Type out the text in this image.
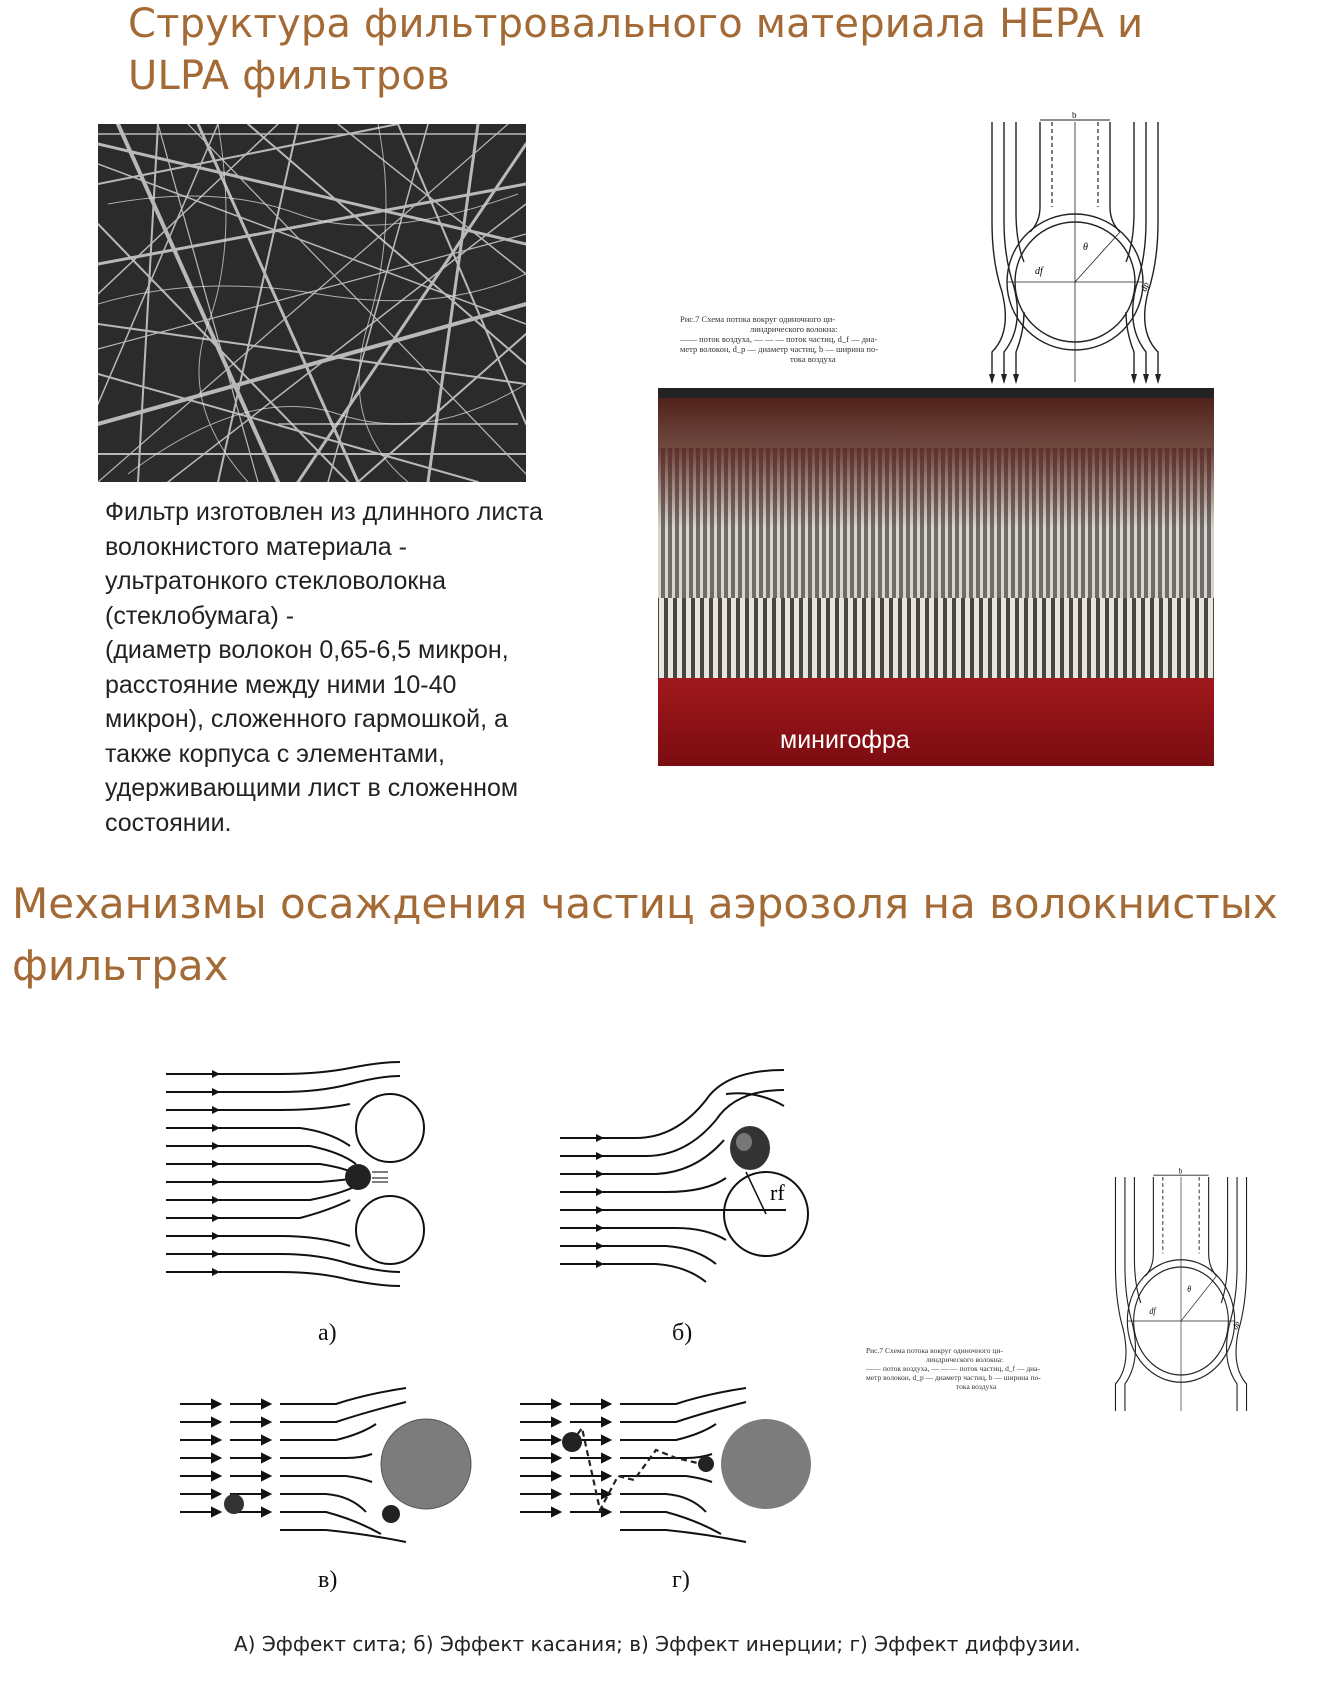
Структура фильтровального материала HEPA и
ULPA фильтров
Фильтр изготовлен из длинного листа
волокнистого материала -
ультратонкого стекловолокна
(стеклобумага) -
(диаметр волокон 0,65-6,5 микрон,
расстояние между ними 10-40
микрон), сложенного гармошкой, а
также корпуса с элементами,
удерживающими лист в сложенном
состоянии.
Рис.7 Схема потока вокруг одиночного ци-
линдрического волокна:
—— поток воздуха, — — — поток частиц, d_f — диа-
метр волокон, d_p — диаметр частиц, b — ширина по-
тока воздуха
b
df
θ
dp
минигофра
Механизмы осаждения частиц аэрозоля на волокнистых
фильтрах
а)
rf
б)
b
df
θ
dp
Рис.7 Схема потока вокруг одиночного ци-
линдрического волокна:
—— поток воздуха, — — — поток частиц, d_f — диа-
метр волокон, d_p — диаметр частиц, b — ширина по-
тока воздуха
в)	г)
А) Эффект сита; б) Эффект касания; в) Эффект инерции; г) Эффект диффузии.
